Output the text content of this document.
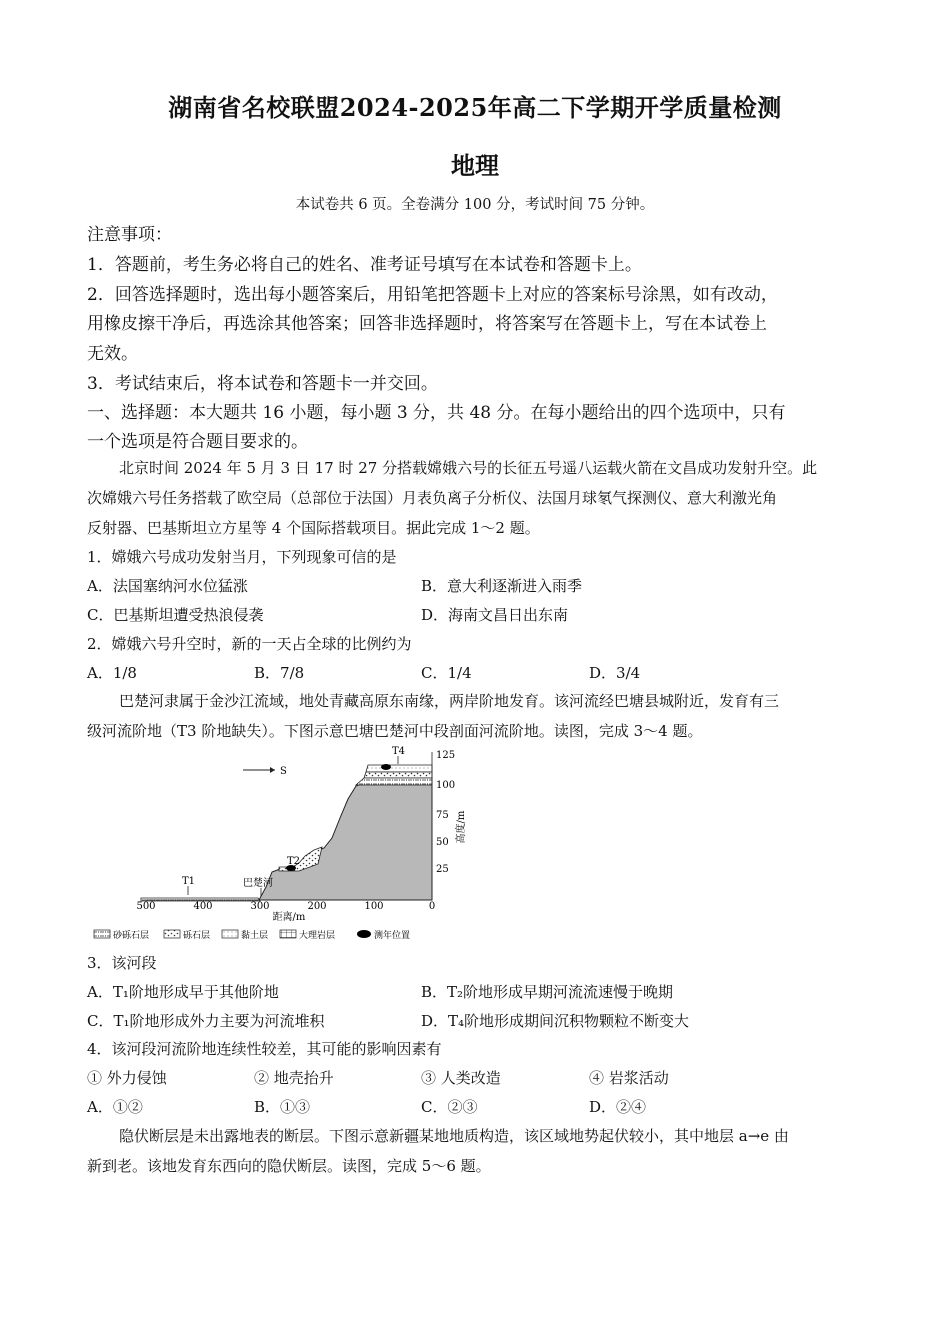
湖南省名校联盟2024-2025年高二下学期开学质量检测
地理
本试卷共 6 页。全卷满分 100 分，考试时间 75 分钟。
注意事项：
1．答题前，考生务必将自己的姓名、准考证号填写在本试卷和答题卡上。
2．回答选择题时，选出每小题答案后，用铅笔把答题卡上对应的答案标号涂黑，如有改动，
用橡皮擦干净后，再选涂其他答案；回答非选择题时，将答案写在答题卡上，写在本试卷上
无效。
3．考试结束后，将本试卷和答题卡一并交回。
一、选择题：本大题共 16 小题，每小题 3 分，共 48 分。在每小题给出的四个选项中，只有
一个选项是符合题目要求的。
北京时间 2024 年 5 月 3 日 17 时 27 分搭载嫦娥六号的长征五号遥八运载火箭在文昌成功发射升空。此
次嫦娥六号任务搭载了欧空局（总部位于法国）月表负离子分析仪、法国月球氡气探测仪、意大利激光角
反射器、巴基斯坦立方星等 4 个国际搭载项目。据此完成 1～2 题。
1．嫦娥六号成功发射当月，下列现象可信的是
A．法国塞纳河水位猛涨	B．意大利逐渐进入雨季
C．巴基斯坦遭受热浪侵袭	D．海南文昌日出东南
2．嫦娥六号升空时，新的一天占全球的比例约为
A．1/8	B．7/8	C．1/4	D．3/4
巴楚河隶属于金沙江流域，地处青藏高原东南缘，两岸阶地发育。该河流经巴塘县城附近，发育有三
级河流阶地（T3 阶地缺失）。下图示意巴塘巴楚河中段剖面河流阶地。读图，完成 3～4 题。
S
T1	巴楚河
T2
T4
500	400	300	200	100	0
距离/m
125
100
75
50
25
高度/m
砂砾石层	砾石层	黏土层	大理岩层	测年位置
3．该河段
A．T₁阶地形成早于其他阶地	B．T₂阶地形成早期河流流速慢于晚期
C．T₁阶地形成外力主要为河流堆积	D．T₄阶地形成期间沉积物颗粒不断变大
4．该河段河流阶地连续性较差，其可能的影响因素有
① 外力侵蚀	② 地壳抬升	③ 人类改造	④ 岩浆活动
A．①②	B．①③	C．②③	D．②④
隐伏断层是未出露地表的断层。下图示意新疆某地地质构造，该区域地势起伏较小，其中地层 a→e 由
新到老。该地发育东西向的隐伏断层。读图，完成 5～6 题。
